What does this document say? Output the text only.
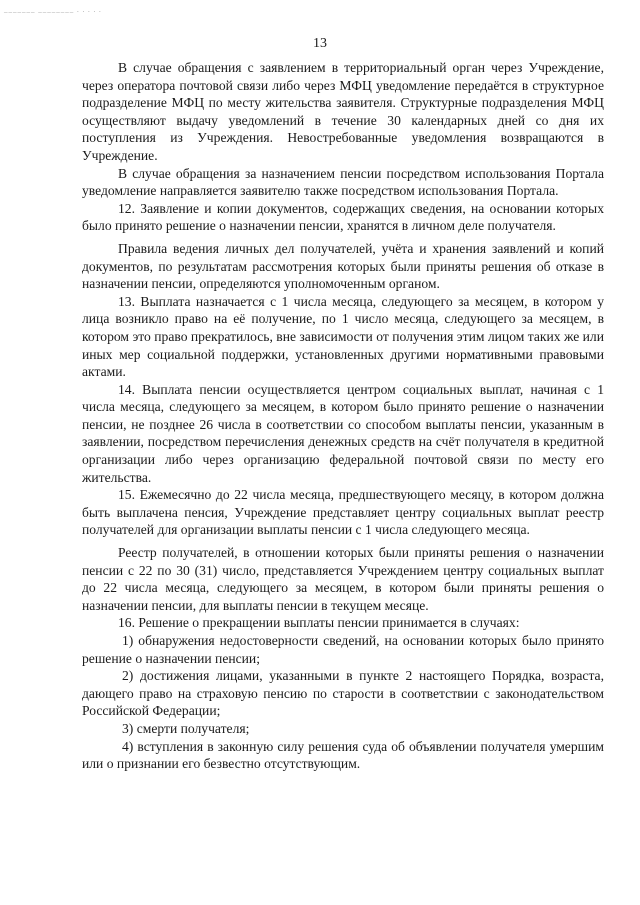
_______ ________ . . . . .
13

В случае обращения с заявлением в территориальный орган через Учреждение, через оператора почтовой связи либо через МФЦ уведомление передаётся в структурное подразделение МФЦ по месту жительства заявителя. Структурные подразделения МФЦ осуществляют выдачу уведомлений в течение 30 календарных дней со дня их поступления из Учреждения. Невостребованные уведомления возвращаются в Учреждение.

В случае обращения за назначением пенсии посредством использования Портала уведомление направляется заявителю также посредством использования Портала.

12. Заявление и копии документов, содержащих сведения, на основании которых было принято решение о назначении пенсии, хранятся в личном деле получателя.

Правила ведения личных дел получателей, учёта и хранения заявлений и копий документов, по результатам рассмотрения которых были приняты решения об отказе в назначении пенсии, определяются уполномоченным органом.

13. Выплата назначается с 1 числа месяца, следующего за месяцем, в котором у лица возникло право на её получение, по 1 число месяца, следующего за месяцем, в котором это право прекратилось, вне зависимости от получения этим лицом таких же или иных мер социальной поддержки, установленных другими нормативными правовыми актами.

14. Выплата пенсии осуществляется центром социальных выплат, начиная с 1 числа месяца, следующего за месяцем, в котором было принято решение о назначении пенсии, не позднее 26 числа в соответствии со способом выплаты пенсии, указанным в заявлении, посредством перечисления денежных средств на счёт получателя в кредитной организации либо через организацию федеральной почтовой связи по месту его жительства.

15. Ежемесячно до 22 числа месяца, предшествующего месяцу, в котором должна быть выплачена пенсия, Учреждение представляет центру социальных выплат реестр получателей для организации выплаты пенсии с 1 числа следующего месяца.

Реестр получателей, в отношении которых были приняты решения о назначении пенсии с 22 по 30 (31) число, представляется Учреждением центру социальных выплат до 22 числа месяца, следующего за месяцем, в котором были приняты решения о назначении пенсии, для выплаты пенсии в текущем месяце.

16. Решение о прекращении выплаты пенсии принимается в случаях:

1) обнаружения недостоверности сведений, на основании которых было принято решение о назначении пенсии;

2) достижения лицами, указанными в пункте 2 настоящего Порядка, возраста, дающего право на страховую пенсию по старости в соответствии с законодательством Российской Федерации;

3) смерти получателя;

4) вступления в законную силу решения суда об объявлении получателя умершим или о признании его безвестно отсутствующим.
